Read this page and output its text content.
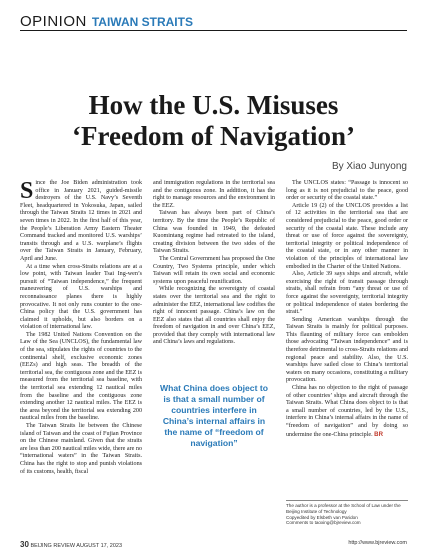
OPINION TAIWAN STRAITS
How the U.S. Misuses
‘Freedom of Navigation’
By Xiao Junyong

Since the Joe Biden administration took office in January 2021, guided-missile destroyers of the U.S. Navy’s Seventh Fleet, headquartered in Yokosuka, Japan, sailed through the Taiwan Straits 12 times in 2021 and seven times in 2022. In the first half of this year, the People’s Liberation Army Eastern Theater Command tracked and monitored U.S. warships’ transits through and a U.S. warplane’s flights over the Taiwan Straits in January, February, April and June.

At a time when cross-Straits relations are at a low point, with Taiwan leader Tsai Ing-wen’s pursuit of “Taiwan independence,” the frequent maneuvering of U.S. warships and reconnaissance planes there is highly provocative. It not only runs counter to the one-China policy that the U.S. government has claimed it upholds, but also borders on a violation of international law.

The 1982 United Nations Convention on the Law of the Sea (UNCLOS), the fundamental law of the sea, stipulates the rights of countries to the continental shelf, exclusive economic zones (EEZs) and high seas. The breadth of the territorial sea, the contiguous zone and the EEZ is measured from the territorial sea baseline, with the territorial sea extending 12 nautical miles from the baseline and the contiguous zone extending another 12 nautical miles. The EEZ is the area beyond the territorial sea extending 200 nautical miles from the baseline.

The Taiwan Straits lie between the Chinese island of Taiwan and the coast of Fujian Province on the Chinese mainland. Given that the straits are less than 200 nautical miles wide, there are no “international waters” in the Taiwan Straits. China has the right to stop and punish violations of its customs, health, fiscal

and immigration regulations in the territorial sea and the contiguous zone. In addition, it has the right to manage resources and the environment in the EEZ.

Taiwan has always been part of China’s territory. By the time the People’s Republic of China was founded in 1949, the defeated Kuomintang regime had retreated to the island, creating division between the two sides of the Taiwan Straits.

The Central Government has proposed the One Country, Two Systems principle, under which Taiwan will retain its own social and economic systems upon peaceful reunification.

While recognizing the sovereignty of coastal states over the territorial sea and the right to administer the EEZ, international law codifies the right of innocent passage. China’s law on the EEZ also states that all countries shall enjoy the freedom of navigation in and over China’s EEZ, provided that they comply with international law and China’s laws and regulations.

What China does object to is that a small number of countries interfere in China’s internal affairs in the name of “freedom of navigation”

The UNCLOS states: “Passage is innocent so long as it is not prejudicial to the peace, good order or security of the coastal state.”

Article 19 (2) of the UNCLOS provides a list of 12 activities in the territorial sea that are considered prejudicial to the peace, good order or security of the coastal state. These include any threat or use of force against the sovereignty, territorial integrity or political independence of the coastal state, or in any other manner in violation of the principles of international law embodied in the Charter of the United Nations.

Also, Article 39 says ships and aircraft, while exercising the right of transit passage through straits, shall refrain from “any threat or use of force against the sovereignty, territorial integrity or political independence of states bordering the strait.”

Sending American warships through the Taiwan Straits is mainly for political purposes. This flaunting of military force can embolden those advocating “Taiwan independence” and is therefore detrimental to cross-Straits relations and regional peace and stability. Also, the U.S. warships have sailed close to China’s territorial waters on many occasions, constituting a military provocation.

China has no objection to the right of passage of other countries’ ships and aircraft through the Taiwan Straits. What China does object to is that a small number of countries, led by the U.S., interfere in China’s internal affairs in the name of “freedom of navigation” and by doing so undermine the one-China principle. BR

The author is a professor at the School of Law under the Beijing Institute of Technology
Copyedited by Elsbeth van Paridon
Comments to taoxing@bjreview.com
30 BEIJING REVIEW AUGUST 17, 2023	http://www.bjreview.com
